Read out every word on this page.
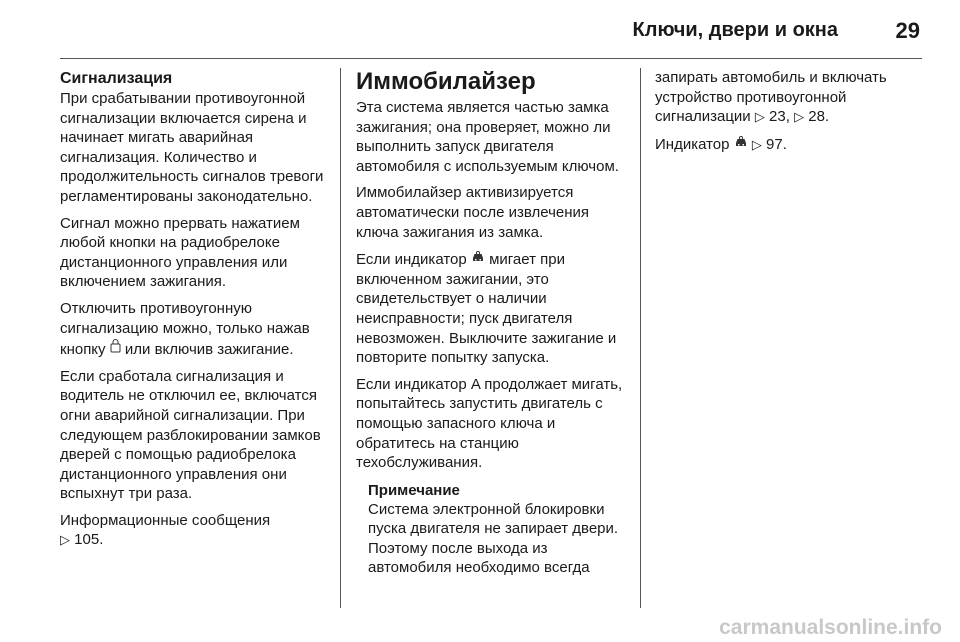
Ключи, двери и окна	29
Сигнализация

При срабатывании противоугонной сигнализации включается сирена и начинает мигать аварийная сигнализация. Количество и продолжительность сигналов тревоги регламентированы законодательно.

Сигнал можно прервать нажатием любой кнопки на радиобрелоке дистанционного управления или включением зажигания.

Отключить противоугонную сигнализацию можно, только нажав кнопку или включив зажигание.

Если сработала сигнализация и водитель не отключил ее, включатся огни аварийной сигнализации. При следующем разблокировании замков дверей с помощью радиобрелока дистанционного управления они вспыхнут три раза.

Информационные сообщения
▷ 105.

Иммобилайзер

Эта система является частью замка зажигания; она проверяет, можно ли выполнить запуск двигателя автомобиля с используемым ключом.

Иммобилайзер активизируется автоматически после извлечения ключа зажигания из замка.

Если индикатор мигает при включенном зажигании, это свидетельствует о наличии неисправности; пуск двигателя невозможен. Выключите зажигание и повторите попытку запуска.

Если индикатор A продолжает мигать, попытайтесь запустить двигатель с помощью запасного ключа и обратитесь на станцию техобслуживания.

Примечание
Система электронной блокировки пуска двигателя не запирает двери. Поэтому после выхода из автомобиля необходимо всегда

запирать автомобиль и включать устройство противоугонной сигнализации ▷ 23, ▷ 28.

Индикатор ▷ 97.

carmanualsonline.info
